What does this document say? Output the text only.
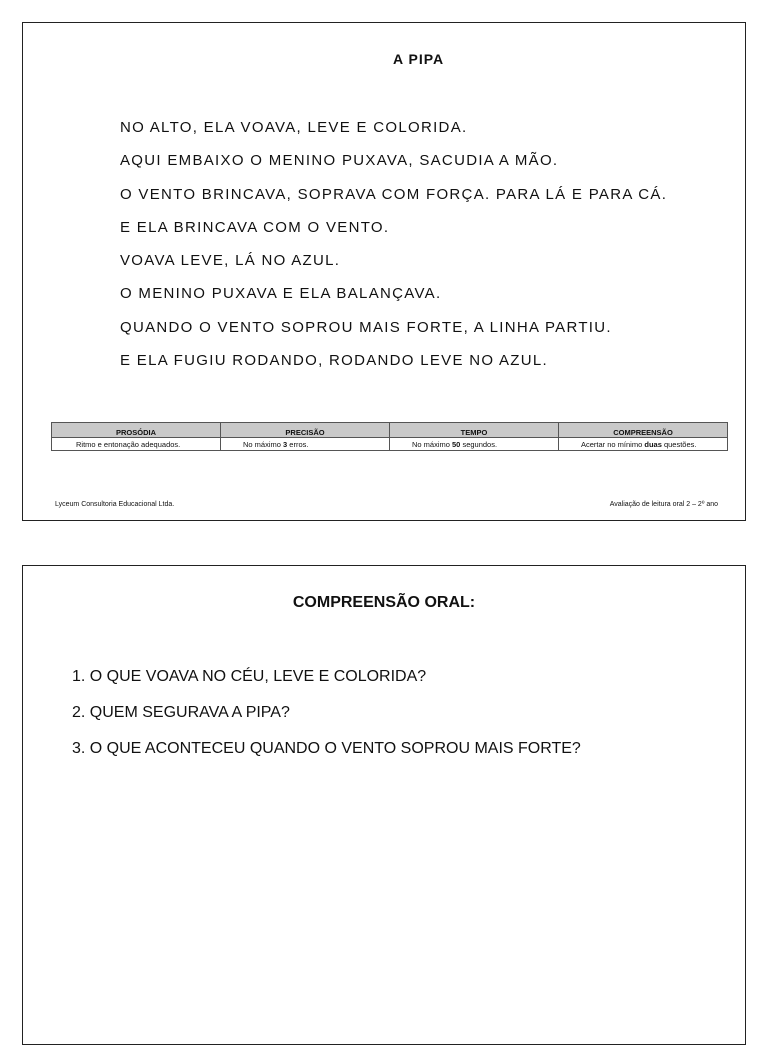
A PIPA
NO ALTO, ELA VOAVA, LEVE E COLORIDA.
AQUI EMBAIXO O MENINO PUXAVA, SACUDIA A MÃO.
O VENTO BRINCAVA, SOPRAVA COM FORÇA. PARA LÁ E PARA CÁ.
E ELA BRINCAVA COM O VENTO.
VOAVA LEVE, LÁ NO AZUL.
O MENINO PUXAVA E ELA BALANÇAVA.
QUANDO O VENTO SOPROU MAIS FORTE, A LINHA PARTIU.
E ELA FUGIU RODANDO, RODANDO LEVE NO AZUL.
PROSÓDIA	PRECISÃO	TEMPO	COMPREENSÃO
Ritmo e entonação adequados.	No máximo 3 erros.	No máximo 50 segundos.	Acertar no mínimo duas questões.
Lyceum Consultoria Educacional Ltda.	Avaliação de leitura oral 2 – 2º ano
COMPREENSÃO ORAL:
1. O QUE VOAVA NO CÉU, LEVE E COLORIDA?
2. QUEM SEGURAVA A PIPA?
3. O QUE ACONTECEU QUANDO O VENTO SOPROU MAIS FORTE?
